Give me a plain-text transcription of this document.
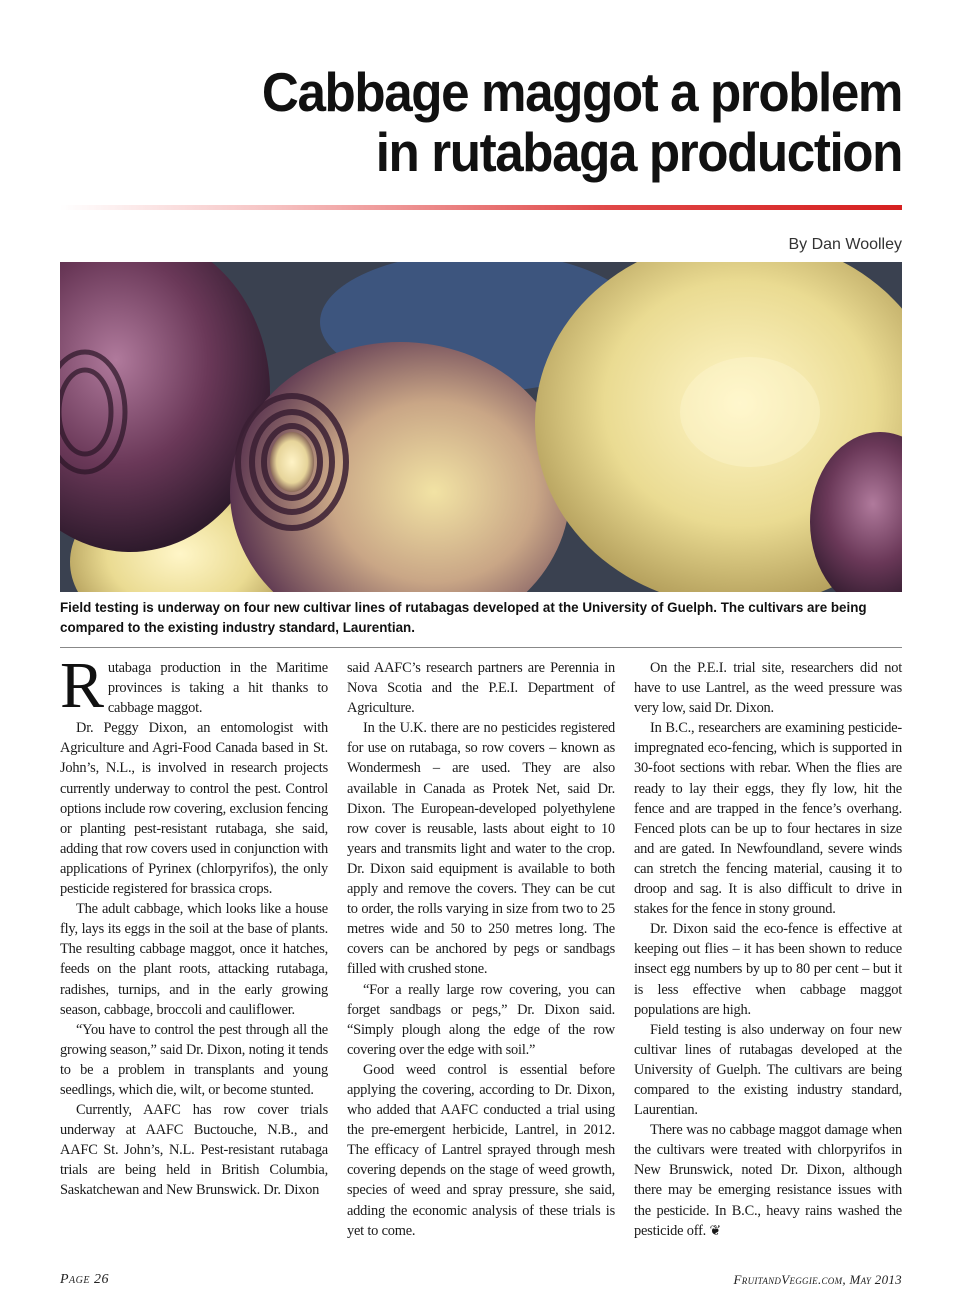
Cabbage maggot a problem
in rutabaga production
By Dan Woolley
Field testing is underway on four new cultivar lines of rutabagas developed at the University of Guelph. The cultivars are being compared to the existing industry standard, Laurentian.

Rutabaga production in the Maritime provinces is taking a hit thanks to cabbage maggot.

Dr. Peggy Dixon, an entomologist with Agriculture and Agri-Food Canada based in St. John’s, N.L., is involved in research projects currently underway to control the pest. Control options include row covering, exclusion fencing or planting pest-resistant rutabaga, she said, adding that row covers used in conjunction with applications of Pyrinex (chlorpyrifos), the only pesticide registered for brassica crops.

The adult cabbage, which looks like a house fly, lays its eggs in the soil at the base of plants. The resulting cabbage maggot, once it hatches, feeds on the plant roots, attacking rutabaga, radishes, turnips, and in the early growing season, cabbage, broccoli and cauliflower.

“You have to control the pest through all the growing season,” said Dr. Dixon, noting it tends to be a problem in transplants and young seedlings, which die, wilt, or become stunted.

Currently, AAFC has row cover trials underway at AAFC Buctouche, N.B., and AAFC St. John’s, N.L. Pest-resistant rutabaga trials are being held in British Columbia, Saskatchewan and New Brunswick. Dr. Dixon

said AAFC’s research partners are Perennia in Nova Scotia and the P.E.I. Department of Agriculture.

In the U.K. there are no pesticides registered for use on rutabaga, so row covers – known as Wondermesh – are used. They are also available in Canada as Protek Net, said Dr. Dixon. The European-developed polyethylene row cover is reusable, lasts about eight to 10 years and transmits light and water to the crop. Dr. Dixon said equipment is available to both apply and remove the covers. They can be cut to order, the rolls varying in size from two to 25 metres wide and 50 to 250 metres long. The covers can be anchored by pegs or sandbags filled with crushed stone.

“For a really large row covering, you can forget sandbags or pegs,” Dr. Dixon said. “Simply plough along the edge of the row covering over the edge with soil.”

Good weed control is essential before applying the covering, according to Dr. Dixon, who added that AAFC conducted a trial using the pre-emergent herbicide, Lantrel, in 2012. The efficacy of Lantrel sprayed through mesh covering depends on the stage of weed growth, species of weed and spray pressure, she said, adding the economic analysis of these trials is yet to come.

On the P.E.I. trial site, researchers did not have to use Lantrel, as the weed pressure was very low, said Dr. Dixon.

In B.C., researchers are examining pesticide-impregnated eco-fencing, which is supported in 30-foot sections with rebar. When the flies are ready to lay their eggs, they fly low, hit the fence and are trapped in the fence’s overhang. Fenced plots can be up to four hectares in size and are gated. In Newfoundland, severe winds can stretch the fencing material, causing it to droop and sag. It is also difficult to drive in stakes for the fence in stony ground.

Dr. Dixon said the eco-fence is effective at keeping out flies – it has been shown to reduce insect egg numbers by up to 80 per cent – but it is less effective when cabbage maggot populations are high.

Field testing is also underway on four new cultivar lines of rutabagas developed at the University of Guelph. The cultivars are being compared to the existing industry standard, Laurentian.

There was no cabbage maggot damage when the cultivars were treated with chlorpyrifos in New Brunswick, noted Dr. Dixon, although there may be emerging resistance issues with the pesticide. In B.C., heavy rains washed the pesticide off. ❦

Page 26	FruitandVeggie.com, May 2013
